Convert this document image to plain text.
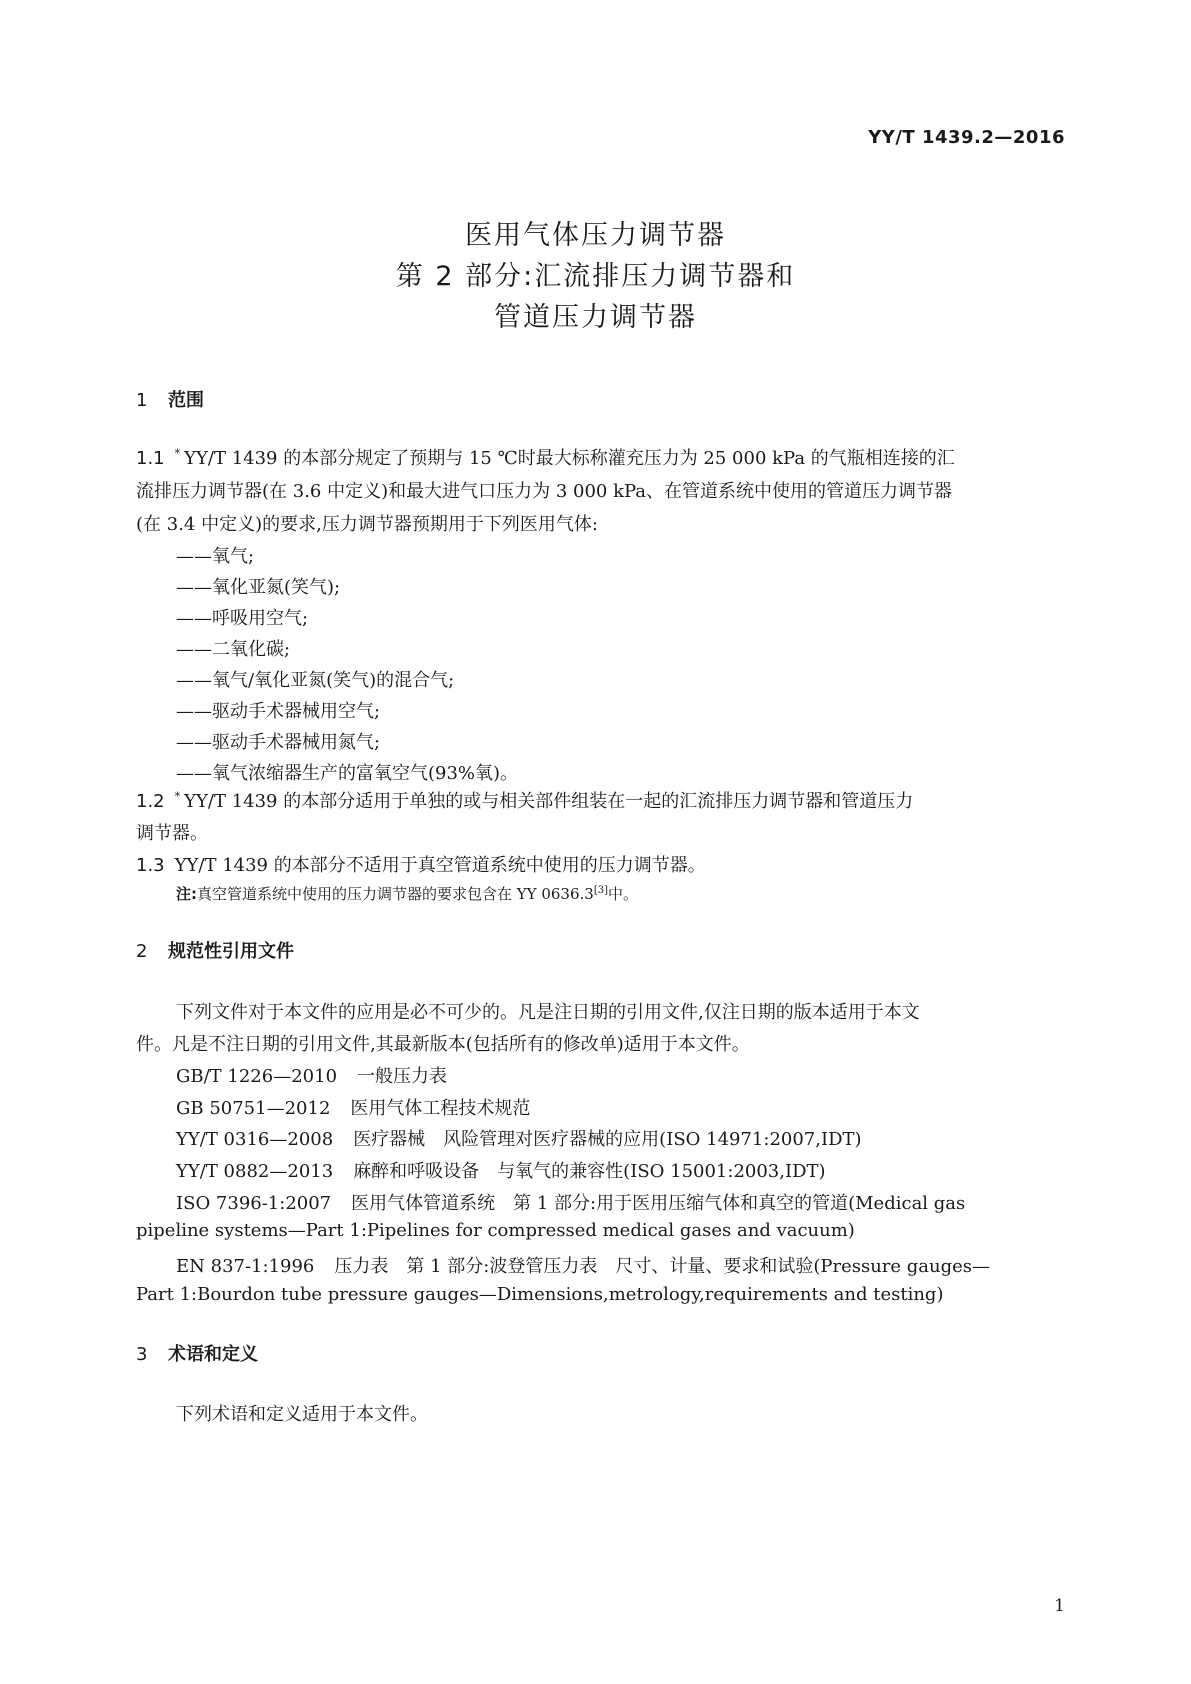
YY/T 1439.2—2016
医用气体压力调节器
第 2 部分:汇流排压力调节器和
管道压力调节器
1 范围
1.1 * YY/T 1439 的本部分规定了预期与 15 ℃时最大标称灌充压力为 25 000 kPa 的气瓶相连接的汇
流排压力调节器(在 3.6 中定义)和最大进气口压力为 3 000 kPa、在管道系统中使用的管道压力调节器
(在 3.4 中定义)的要求,压力调节器预期用于下列医用气体:
——氧气;
——氧化亚氮(笑气);
——呼吸用空气;
——二氧化碳;
——氧气/氧化亚氮(笑气)的混合气;
——驱动手术器械用空气;
——驱动手术器械用氮气;
——氧气浓缩器生产的富氧空气(93%氧)。
1.2 * YY/T 1439 的本部分适用于单独的或与相关部件组装在一起的汇流排压力调节器和管道压力
调节器。
1.3 YY/T 1439 的本部分不适用于真空管道系统中使用的压力调节器。
注:真空管道系统中使用的压力调节器的要求包含在 YY 0636.3[3]中。
2 规范性引用文件
下列文件对于本文件的应用是必不可少的。凡是注日期的引用文件,仅注日期的版本适用于本文
件。凡是不注日期的引用文件,其最新版本(包括所有的修改单)适用于本文件。
GB/T 1226—2010 一般压力表
GB 50751—2012 医用气体工程技术规范
YY/T 0316—2008 医疗器械　风险管理对医疗器械的应用(ISO 14971:2007,IDT)
YY/T 0882—2013 麻醉和呼吸设备　与氧气的兼容性(ISO 15001:2003,IDT)
ISO 7396-1:2007 医用气体管道系统　第 1 部分:用于医用压缩气体和真空的管道(Medical gas
pipeline systems—Part 1:Pipelines for compressed medical gases and vacuum)
EN 837-1:1996 压力表　第 1 部分:波登管压力表　尺寸、计量、要求和试验(Pressure gauges—
Part 1:Bourdon tube pressure gauges—Dimensions,metrology,requirements and testing)
3 术语和定义
下列术语和定义适用于本文件。
1
